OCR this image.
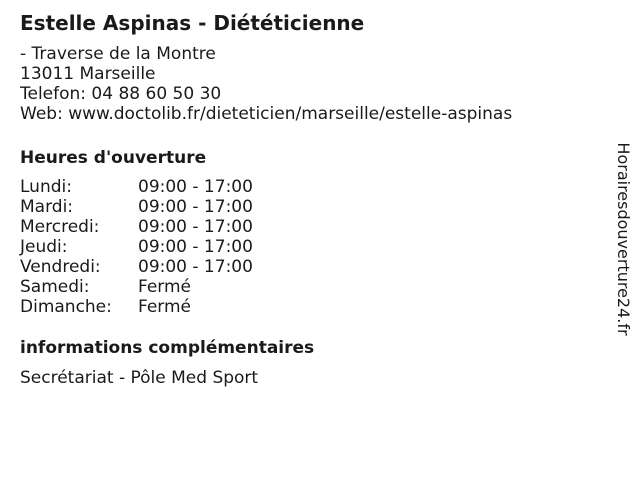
Estelle Aspinas - Diététicienne
- Traverse de la Montre
13011 Marseille
Telefon: 04 88 60 50 30
Web: www.doctolib.fr/dieteticien/marseille/estelle-aspinas
Heures d'ouverture
Lundi:	09:00 - 17:00
Mardi:	09:00 - 17:00
Mercredi:	09:00 - 17:00
Jeudi:	09:00 - 17:00
Vendredi:	09:00 - 17:00
Samedi:	Fermé
Dimanche:	Fermé
informations complémentaires
Secrétariat - Pôle Med Sport
Horairesdouverture24.fr
